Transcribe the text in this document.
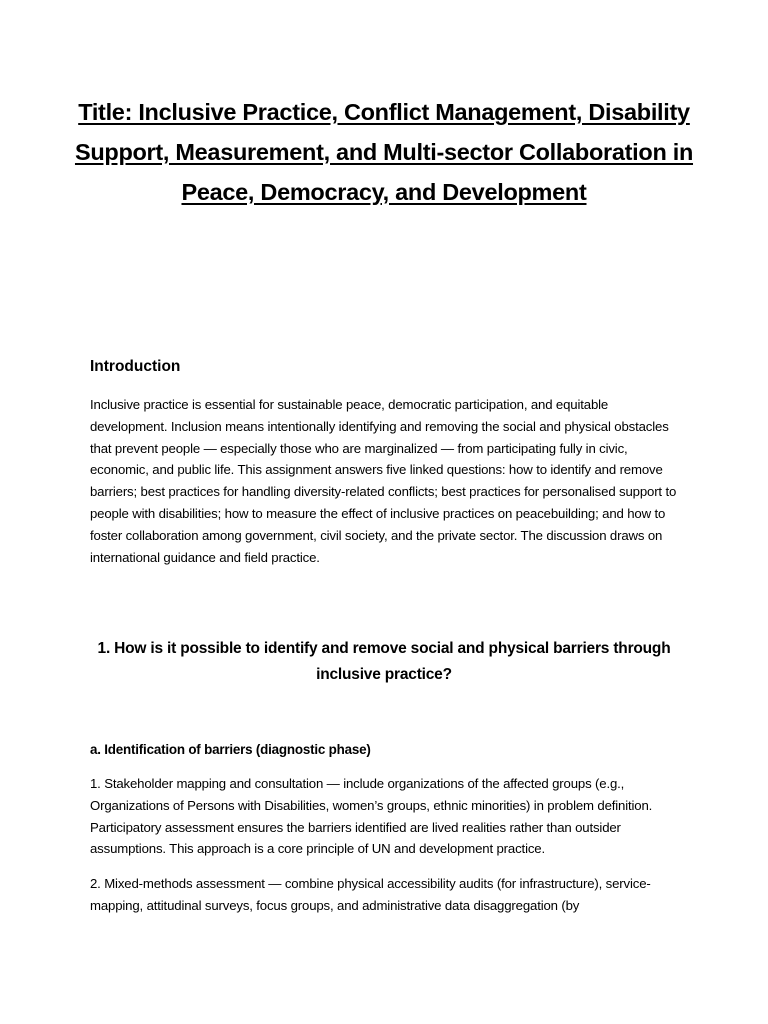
Title: Inclusive Practice, Conflict Management, Disability Support, Measurement, and Multi-sector Collaboration in Peace, Democracy, and Development
Introduction

Inclusive practice is essential for sustainable peace, democratic participation, and equitable development. Inclusion means intentionally identifying and removing the social and physical obstacles that prevent people — especially those who are marginalized — from participating fully in civic, economic, and public life. This assignment answers five linked questions: how to identify and remove barriers; best practices for handling diversity-related conflicts; best practices for personalised support to people with disabilities; how to measure the effect of inclusive practices on peacebuilding; and how to foster collaboration among government, civil society, and the private sector. The discussion draws on international guidance and field practice.

1. How is it possible to identify and remove social and physical barriers through inclusive practice?
a. Identification of barriers (diagnostic phase)

1. Stakeholder mapping and consultation — include organizations of the affected groups (e.g., Organizations of Persons with Disabilities, women’s groups, ethnic minorities) in problem definition. Participatory assessment ensures the barriers identified are lived realities rather than outsider assumptions. This approach is a core principle of UN and development practice.

2. Mixed-methods assessment — combine physical accessibility audits (for infrastructure), service-mapping, attitudinal surveys, focus groups, and administrative data disaggregation (by
